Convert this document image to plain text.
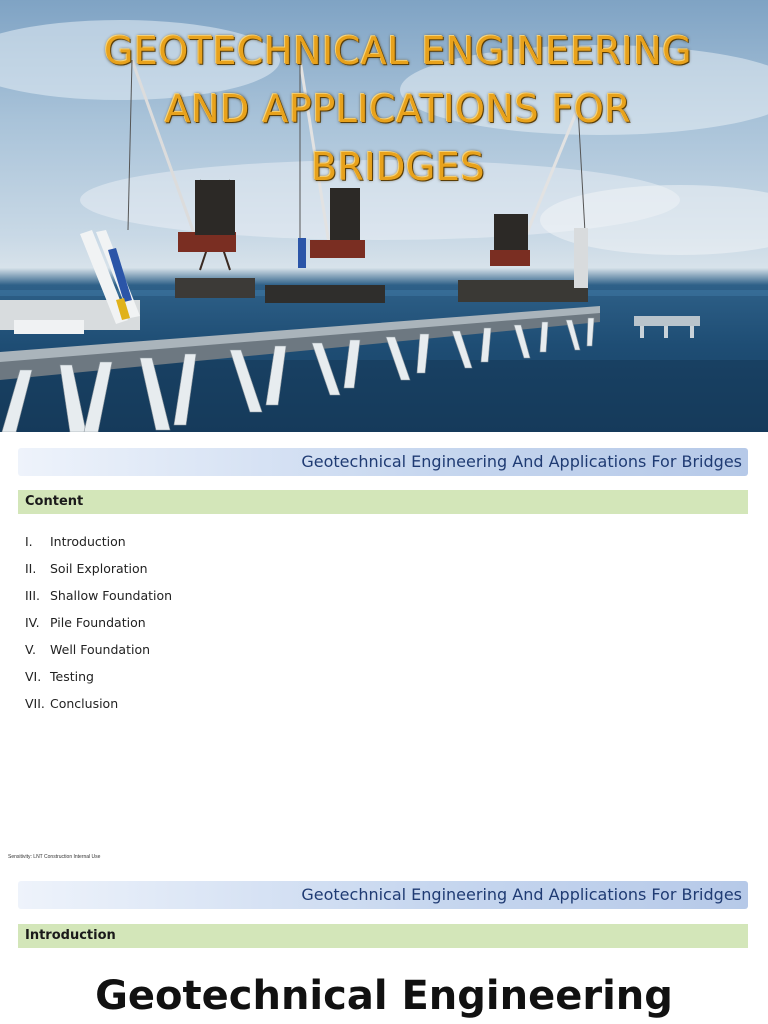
GEOTECHNICAL ENGINEERING
AND APPLICATIONS FOR
BRIDGES
Geotechnical Engineering And Applications For Bridges
Content
I. Introduction
II. Soil Exploration
III. Shallow Foundation
IV. Pile Foundation
V. Well Foundation
VI. Testing
VII. Conclusion
Sensitivity: LNT Construction Internal Use
Geotechnical Engineering And Applications For Bridges
Introduction
Geotechnical Engineering
